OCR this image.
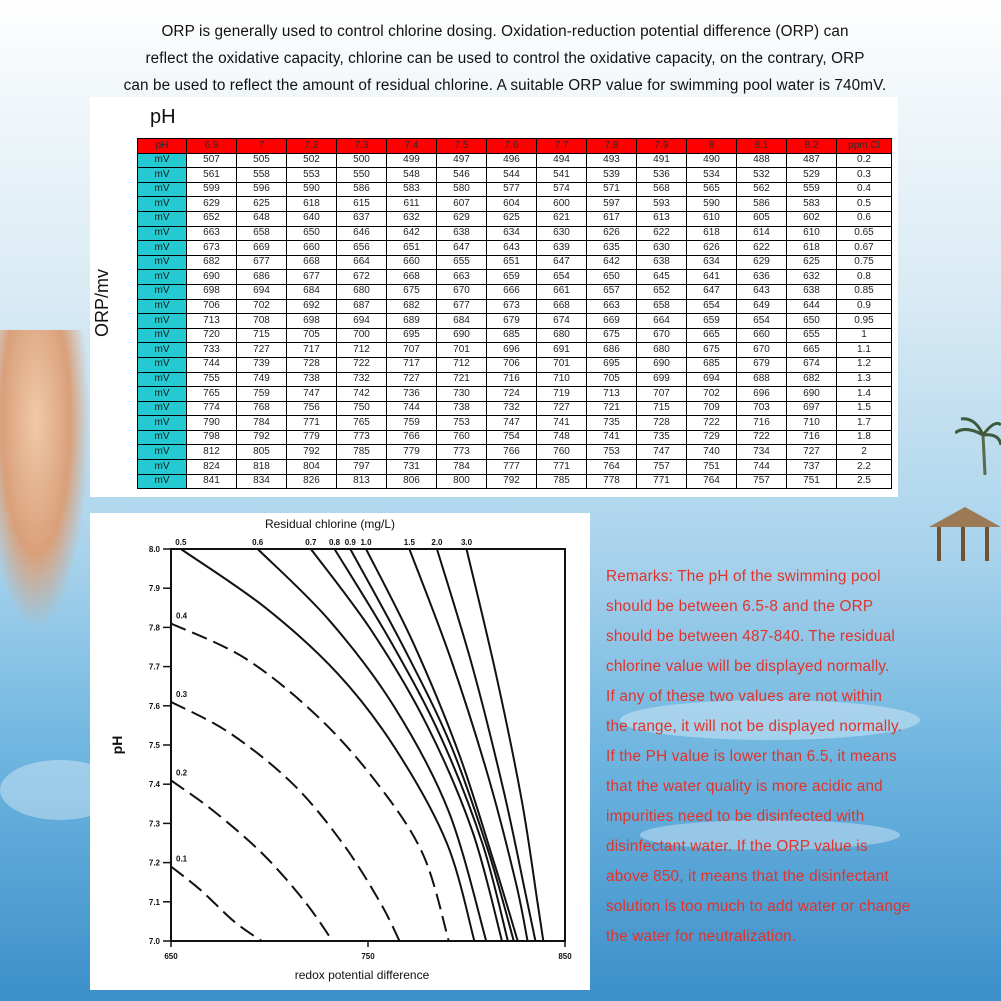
ORP is generally used to control chlorine dosing. Oxidation-reduction potential difference (ORP) can
reflect the oxidative capacity, chlorine can be used to control the oxidative capacity, on the contrary, ORP
can be used to reflect the amount of residual chlorine. A suitable ORP value for swimming pool water is 740mV.
pH
ORP/mv
pH	6.9	7	7.2	7.3	7.4	7.5	7.6	7.7	7.8	7.9	8	8.1	8.2	ppm Cl
mV	507	505	502	500	499	497	496	494	493	491	490	488	487	0.2
mV	561	558	553	550	548	546	544	541	539	536	534	532	529	0.3
mV	599	596	590	586	583	580	577	574	571	568	565	562	559	0.4
mV	629	625	618	615	611	607	604	600	597	593	590	586	583	0.5
mV	652	648	640	637	632	629	625	621	617	613	610	605	602	0.6
mV	663	658	650	646	642	638	634	630	626	622	618	614	610	0.65
mV	673	669	660	656	651	647	643	639	635	630	626	622	618	0.67
mV	682	677	668	664	660	655	651	647	642	638	634	629	625	0.75
mV	690	686	677	672	668	663	659	654	650	645	641	636	632	0.8
mV	698	694	684	680	675	670	666	661	657	652	647	643	638	0.85
mV	706	702	692	687	682	677	673	668	663	658	654	649	644	0.9
mV	713	708	698	694	689	684	679	674	669	664	659	654	650	0.95
mV	720	715	705	700	695	690	685	680	675	670	665	660	655	1
mV	733	727	717	712	707	701	696	691	686	680	675	670	665	1.1
mV	744	739	728	722	717	712	706	701	695	690	685	679	674	1.2
mV	755	749	738	732	727	721	716	710	705	699	694	688	682	1.3
mV	765	759	747	742	736	730	724	719	713	707	702	696	690	1.4
mV	774	768	756	750	744	738	732	727	721	715	709	703	697	1.5
mV	790	784	771	765	759	753	747	741	735	728	722	716	710	1.7
mV	798	792	779	773	766	760	754	748	741	735	729	722	716	1.8
mV	812	805	792	785	779	773	766	760	753	747	740	734	727	2
mV	824	818	804	797	731	784	777	771	764	757	751	744	737	2.2
mV	841	834	826	813	806	800	792	785	778	771	764	757	751	2.5
Residual chlorine (mg/L)
redox potential difference
pH
7.0
7.1
7.2
7.3
7.4
7.5
7.6
7.7
7.8
7.9
8.0
650	750	850
0.1
0.2
0.3
0.4
0.5	0.6	0.7 0.8 0.9 1.0	1.5 2.0 3.0
Remarks: The pH of the swimming pool
should be between 6.5-8 and the ORP
should be between 487-840. The residual
chlorine value will be displayed normally.
If any of these two values are not within
the range, it will not be displayed normally.
If the PH value is lower than 6.5, it means
that the water quality is more acidic and
impurities need to be disinfected with
disinfectant water. If the ORP value is
above 850, it means that the disinfectant
solution is too much to add water or change
the water for neutralization.
